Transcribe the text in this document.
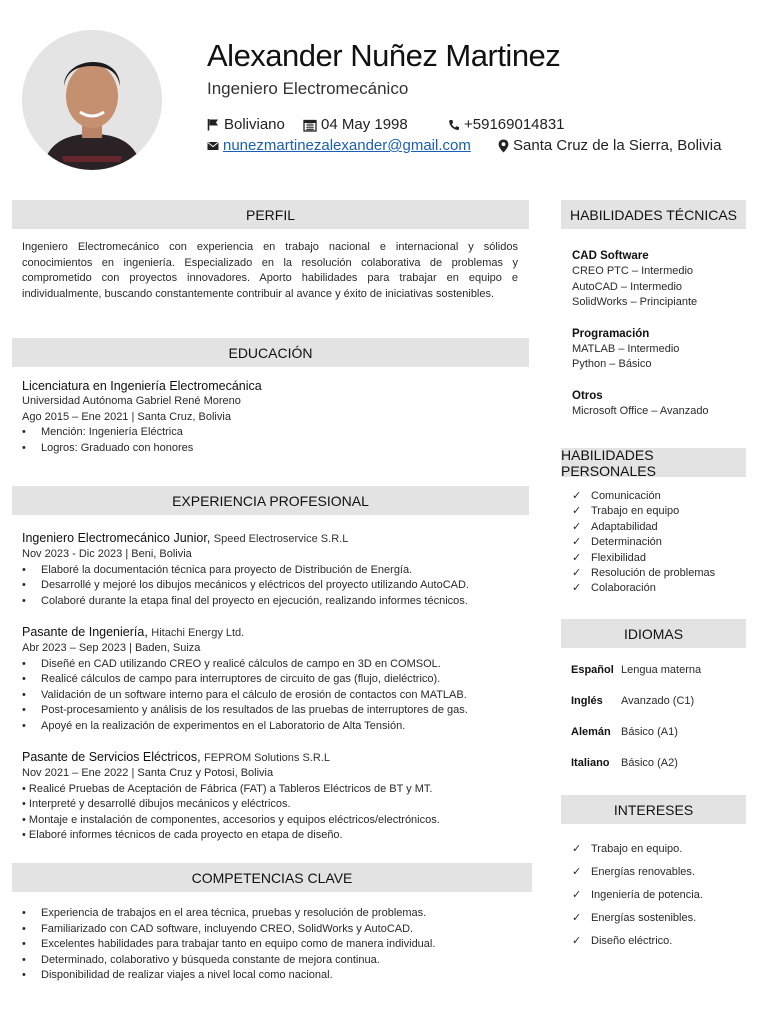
Alexander Nuñez Martinez
Ingeniero Electromecánico
Boliviano 04 May 1998	+59169014831
nunezmartinezalexander@gmail.com	Santa Cruz de la Sierra, Bolivia
PERFIL
Ingeniero Electromecánico con experiencia en trabajo nacional e internacional y sólidos conocimientos en ingeniería. Especializado en la resolución colaborativa de problemas y comprometido con proyectos innovadores. Aporto habilidades para trabajar en equipo e individualmente, buscando constantemente contribuir al avance y éxito de iniciativas sostenibles.
EDUCACIÓN
Licenciatura en Ingeniería Electromecánica
Universidad Autónoma Gabriel René Moreno
Ago 2015 – Ene 2021 | Santa Cruz, Bolivia
• Mención: Ingeniería Eléctrica
• Logros: Graduado con honores
EXPERIENCIA PROFESIONAL
Ingeniero Electromecánico Junior, Speed Electroservice S.R.L
Nov 2023 - Dic 2023 | Beni, Bolivia
• Elaboré la documentación técnica para proyecto de Distribución de Energía.
• Desarrollé y mejoré los dibujos mecánicos y eléctricos del proyecto utilizando AutoCAD.
• Colaboré durante la etapa final del proyecto en ejecución, realizando informes técnicos.
Pasante de Ingeniería, Hitachi Energy Ltd.
Abr 2023 – Sep 2023 | Baden, Suiza
• Diseñé en CAD utilizando CREO y realicé cálculos de campo en 3D en COMSOL.
• Realicé cálculos de campo para interruptores de circuito de gas (flujo, dieléctrico).
• Validación de un software interno para el cálculo de erosión de contactos con MATLAB.
• Post-procesamiento y análisis de los resultados de las pruebas de interruptores de gas.
• Apoyé en la realización de experimentos en el Laboratorio de Alta Tensión.
Pasante de Servicios Eléctricos, FEPROM Solutions S.R.L
Nov 2021 – Ene 2022 | Santa Cruz y Potosi, Bolivia
• Realicé Pruebas de Aceptación de Fábrica (FAT) a Tableros Eléctricos de BT y MT.
• Interpreté y desarrollé dibujos mecánicos y eléctricos.
• Montaje e instalación de componentes, accesorios y equipos eléctricos/electrónicos.
• Elaboré informes técnicos de cada proyecto en etapa de diseño.
COMPETENCIAS CLAVE
• Experiencia de trabajos en el area técnica, pruebas y resolución de problemas.
• Familiarizado con CAD software, incluyendo CREO, SolidWorks y AutoCAD.
• Excelentes habilidades para trabajar tanto en equipo como de manera individual.
• Determinado, colaborativo y búsqueda constante de mejora continua.
• Disponibilidad de realizar viajes a nivel local como nacional.
HABILIDADES TÉCNICAS
CAD Software
CREO PTC – Intermedio
AutoCAD – Intermedio
SolidWorks – Principiante
Programación
MATLAB – Intermedio
Python – Básico
Otros
Microsoft Office – Avanzado
HABILIDADES PERSONALES
✓ Comunicación
✓ Trabajo en equipo
✓ Adaptabilidad
✓ Determinación
✓ Flexibilidad
✓ Resolución de problemas
✓ Colaboración
IDIOMAS
Español Lengua materna
Inglés	Avanzado (C1)
Alemán Básico (A1)
Italiano	Básico (A2)
INTERESES
✓ Trabajo en equipo.
✓ Energías renovables.
✓ Ingeniería de potencia.
✓ Energías sostenibles.
✓ Diseño eléctrico.
